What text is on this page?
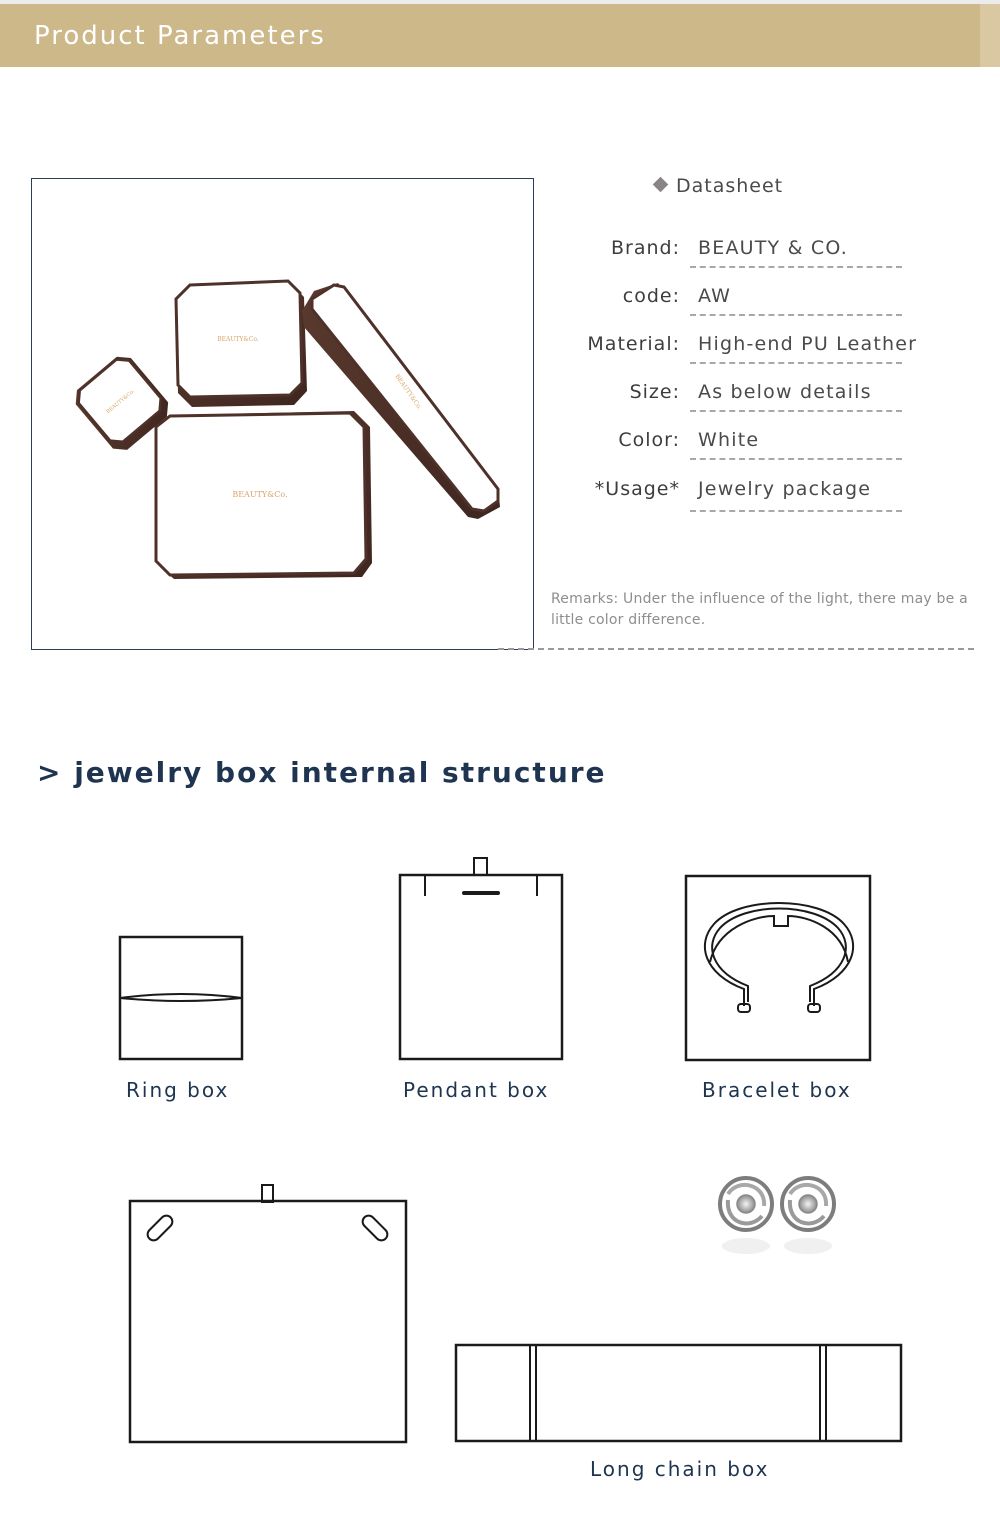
Product Parameters
BEAUTY&Co.
BEAUTY&Co.
BEAUTY&Co.
BEAUTY&Co.
Datasheet
Brand: BEAUTY & CO.
code: AW
Material: High-end PU Leather
Size: As below details
Color: White
*Usage* Jewelry package

Remarks: Under the influence of the light, there may be a little color difference.

> jewelry box internal structure
Ring box	Pendant box	Bracelet box
Long chain box
